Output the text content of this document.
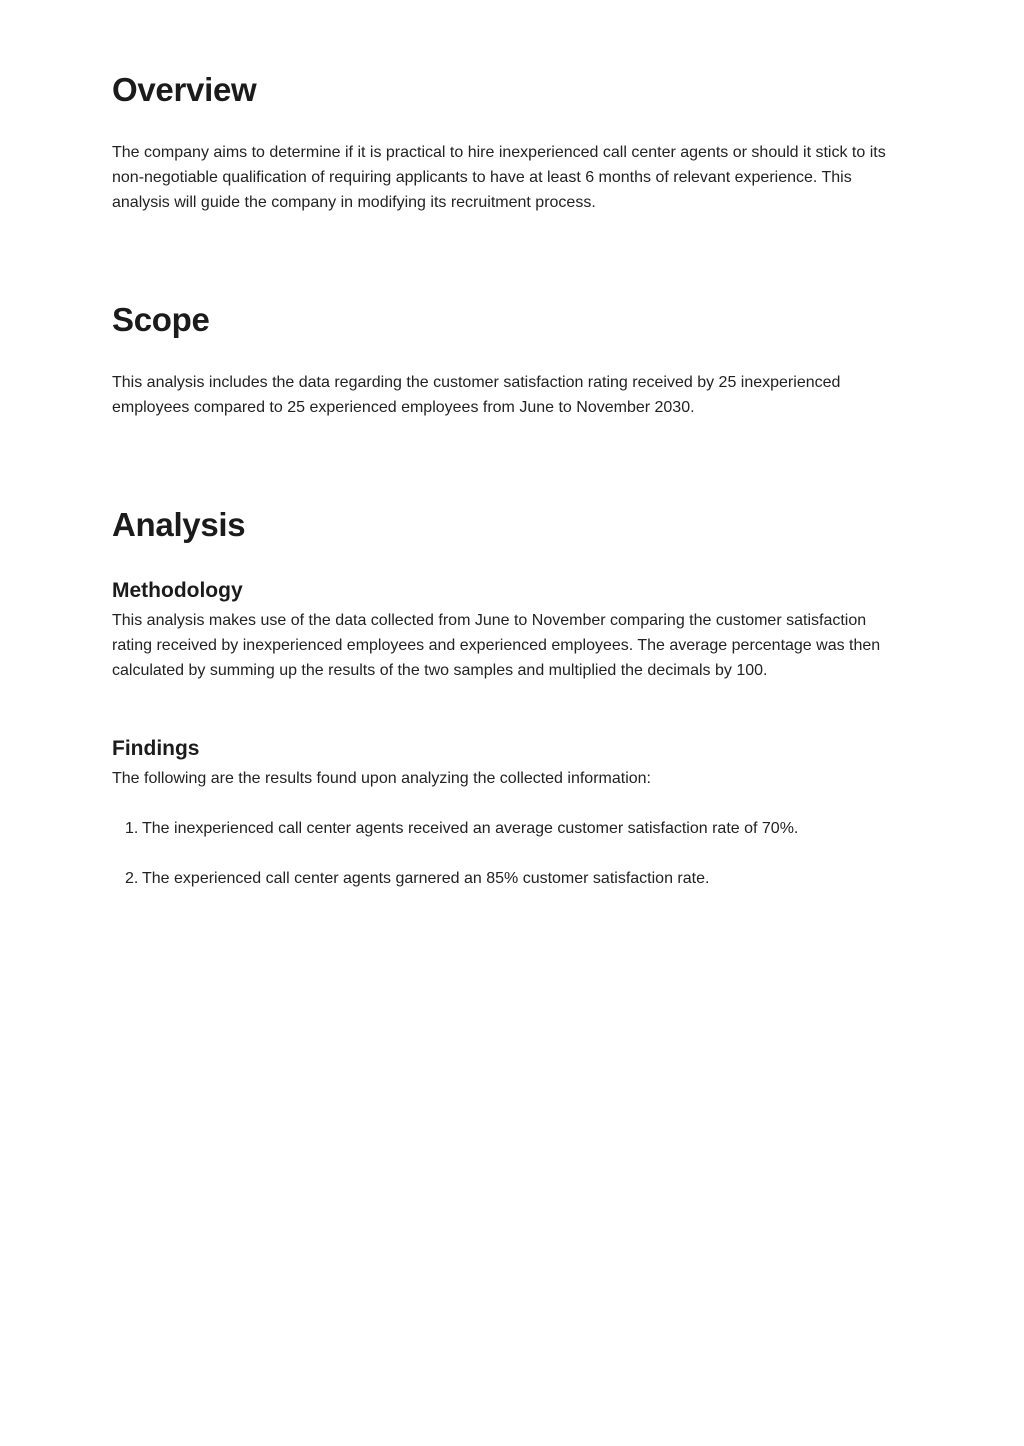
Overview

The company aims to determine if it is practical to hire inexperienced call center agents or should it stick to its non-negotiable qualification of requiring applicants to have at least 6 months of relevant experience. This analysis will guide the company in modifying its recruitment process.

Scope

This analysis includes the data regarding the customer satisfaction rating received by 25 inexperienced employees compared to 25 experienced employees from June to November 2030.

Analysis
Methodology

This analysis makes use of the data collected from June to November comparing the customer satisfaction rating received by inexperienced employees and experienced employees. The average percentage was then calculated by summing up the results of the two samples and multiplied the decimals by 100.

Findings

The following are the results found upon analyzing the collected information:

1. The inexperienced call center agents received an average customer satisfaction rate of 70%.
2. The experienced call center agents garnered an 85% customer satisfaction rate.
